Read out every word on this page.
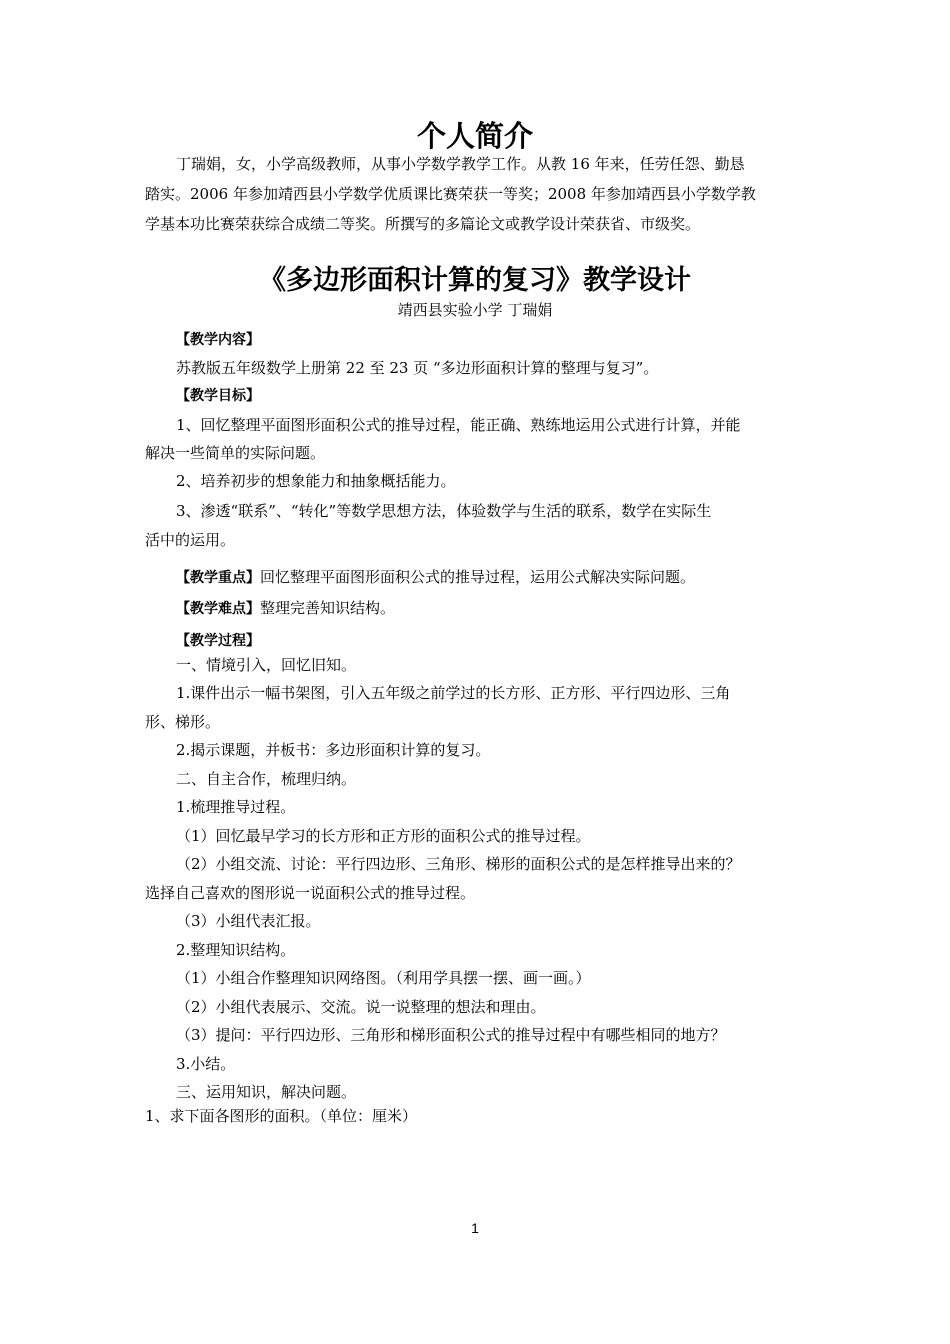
个人简介
丁瑞娟，女，小学高级教师，从事小学数学教学工作。从教 16 年来，任劳任怨、勤恳
踏实。2006 年参加靖西县小学数学优质课比赛荣获一等奖；2008 年参加靖西县小学数学教
学基本功比赛荣获综合成绩二等奖。所撰写的多篇论文或教学设计荣获省、市级奖。
《多边形面积计算的复习》教学设计
靖西县实验小学 丁瑞娟
【教学内容】
苏教版五年级数学上册第 22 至 23 页 “多边形面积计算的整理与复习”。
【教学目标】
1、回忆整理平面图形面积公式的推导过程，能正确、熟练地运用公式进行计算，并能
解决一些简单的实际问题。
2、培养初步的想象能力和抽象概括能力。
3、渗透“联系”、“转化”等数学思想方法，体验数学与生活的联系，数学在实际生
活中的运用。
【教学重点】回忆整理平面图形面积公式的推导过程，运用公式解决实际问题。
【教学难点】整理完善知识结构。
【教学过程】
一、情境引入，回忆旧知。
1.课件出示一幅书架图，引入五年级之前学过的长方形、正方形、平行四边形、三角
形、梯形。
2.揭示课题，并板书：多边形面积计算的复习。
二、自主合作，梳理归纳。
1.梳理推导过程。
（1）回忆最早学习的长方形和正方形的面积公式的推导过程。
（2）小组交流、讨论：平行四边形、三角形、梯形的面积公式的是怎样推导出来的？
选择自己喜欢的图形说一说面积公式的推导过程。
（3）小组代表汇报。
2.整理知识结构。
（1）小组合作整理知识网络图。（利用学具摆一摆、画一画。）
（2）小组代表展示、交流。说一说整理的想法和理由。
（3）提问：平行四边形、三角形和梯形面积公式的推导过程中有哪些相同的地方？
3.小结。
三、运用知识，解决问题。
1、求下面各图形的面积。（单位：厘米）
1
